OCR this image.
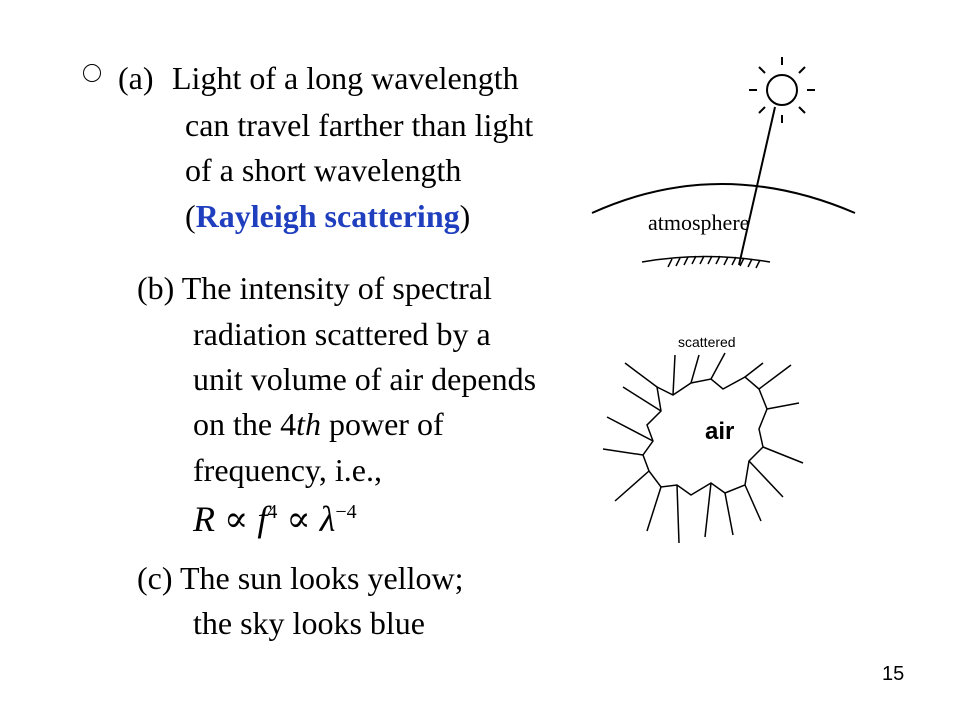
(a) Light of a long wavelength
can travel farther than light
of a short wavelength
(Rayleigh scattering)
(b) The intensity of spectral
radiation scattered by a
unit volume of air depends
on the 4th power of
frequency, i.e.,
$R \propto f^4 \propto \lambda^{-4}$
(c) The sun looks yellow;
the sky looks blue
atmosphere
scattered
air
15
